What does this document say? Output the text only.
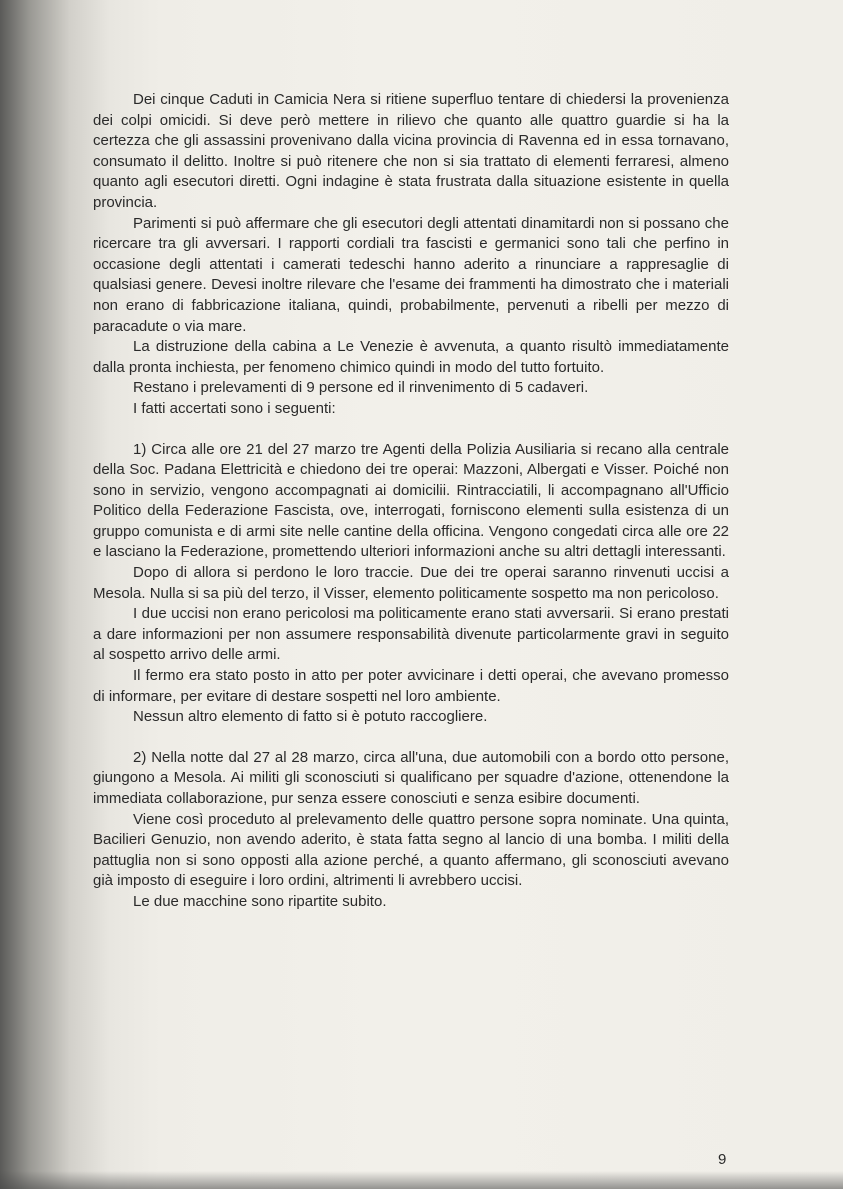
Dei cinque Caduti in Camicia Nera si ritiene superfluo tentare di chiedersi la provenienza dei colpi omicidi. Si deve però mettere in rilievo che quanto alle quattro guardie si ha la certezza che gli assassini provenivano dalla vicina provincia di Ravenna ed in essa tornavano, consumato il delitto. Inoltre si può ritenere che non si sia trattato di elementi ferraresi, almeno quanto agli esecutori diretti. Ogni indagine è stata frustrata dalla situazione esistente in quella provincia.

Parimenti si può affermare che gli esecutori degli attentati dinamitardi non si possano che ricercare tra gli avversari. I rapporti cordiali tra fascisti e germanici sono tali che perfino in occasione degli attentati i camerati tedeschi hanno aderito a rinunciare a rappresaglie di qualsiasi genere. Devesi inoltre rilevare che l'esame dei frammenti ha dimostrato che i materiali non erano di fabbricazione italiana, quindi, probabilmente, pervenuti a ribelli per mezzo di paracadute o via mare.

La distruzione della cabina a Le Venezie è avvenuta, a quanto risultò immediatamente dalla pronta inchiesta, per fenomeno chimico quindi in modo del tutto fortuito.

Restano i prelevamenti di 9 persone ed il rinvenimento di 5 cadaveri.

I fatti accertati sono i seguenti:

1) Circa alle ore 21 del 27 marzo tre Agenti della Polizia Ausiliaria si recano alla centrale della Soc. Padana Elettricità e chiedono dei tre operai: Mazzoni, Albergati e Visser. Poiché non sono in servizio, vengono accompagnati ai domicilii. Rintracciatili, li accompagnano all'Ufficio Politico della Federazione Fascista, ove, interrogati, forniscono elementi sulla esistenza di un gruppo comunista e di armi site nelle cantine della officina. Vengono congedati circa alle ore 22 e lasciano la Federazione, promettendo ulteriori informazioni anche su altri dettagli interessanti.

Dopo di allora si perdono le loro traccie. Due dei tre operai saranno rinvenuti uccisi a Mesola. Nulla si sa più del terzo, il Visser, elemento politicamente sospetto ma non pericoloso.

I due uccisi non erano pericolosi ma politicamente erano stati avversarii. Si erano prestati a dare informazioni per non assumere responsabilità divenute particolarmente gravi in seguito al sospetto arrivo delle armi.

Il fermo era stato posto in atto per poter avvicinare i detti operai, che avevano promesso di informare, per evitare di destare sospetti nel loro ambiente.

Nessun altro elemento di fatto si è potuto raccogliere.

2) Nella notte dal 27 al 28 marzo, circa all'una, due automobili con a bordo otto persone, giungono a Mesola. Ai militi gli sconosciuti si qualificano per squadre d'azione, ottenendone la immediata collaborazione, pur senza essere conosciuti e senza esibire documenti.

Viene così proceduto al prelevamento delle quattro persone sopra nominate. Una quinta, Bacilieri Genuzio, non avendo aderito, è stata fatta segno al lancio di una bomba. I militi della pattuglia non si sono opposti alla azione perché, a quanto affermano, gli sconosciuti avevano già imposto di eseguire i loro ordini, altrimenti li avrebbero uccisi.

Le due macchine sono ripartite subito.

9
